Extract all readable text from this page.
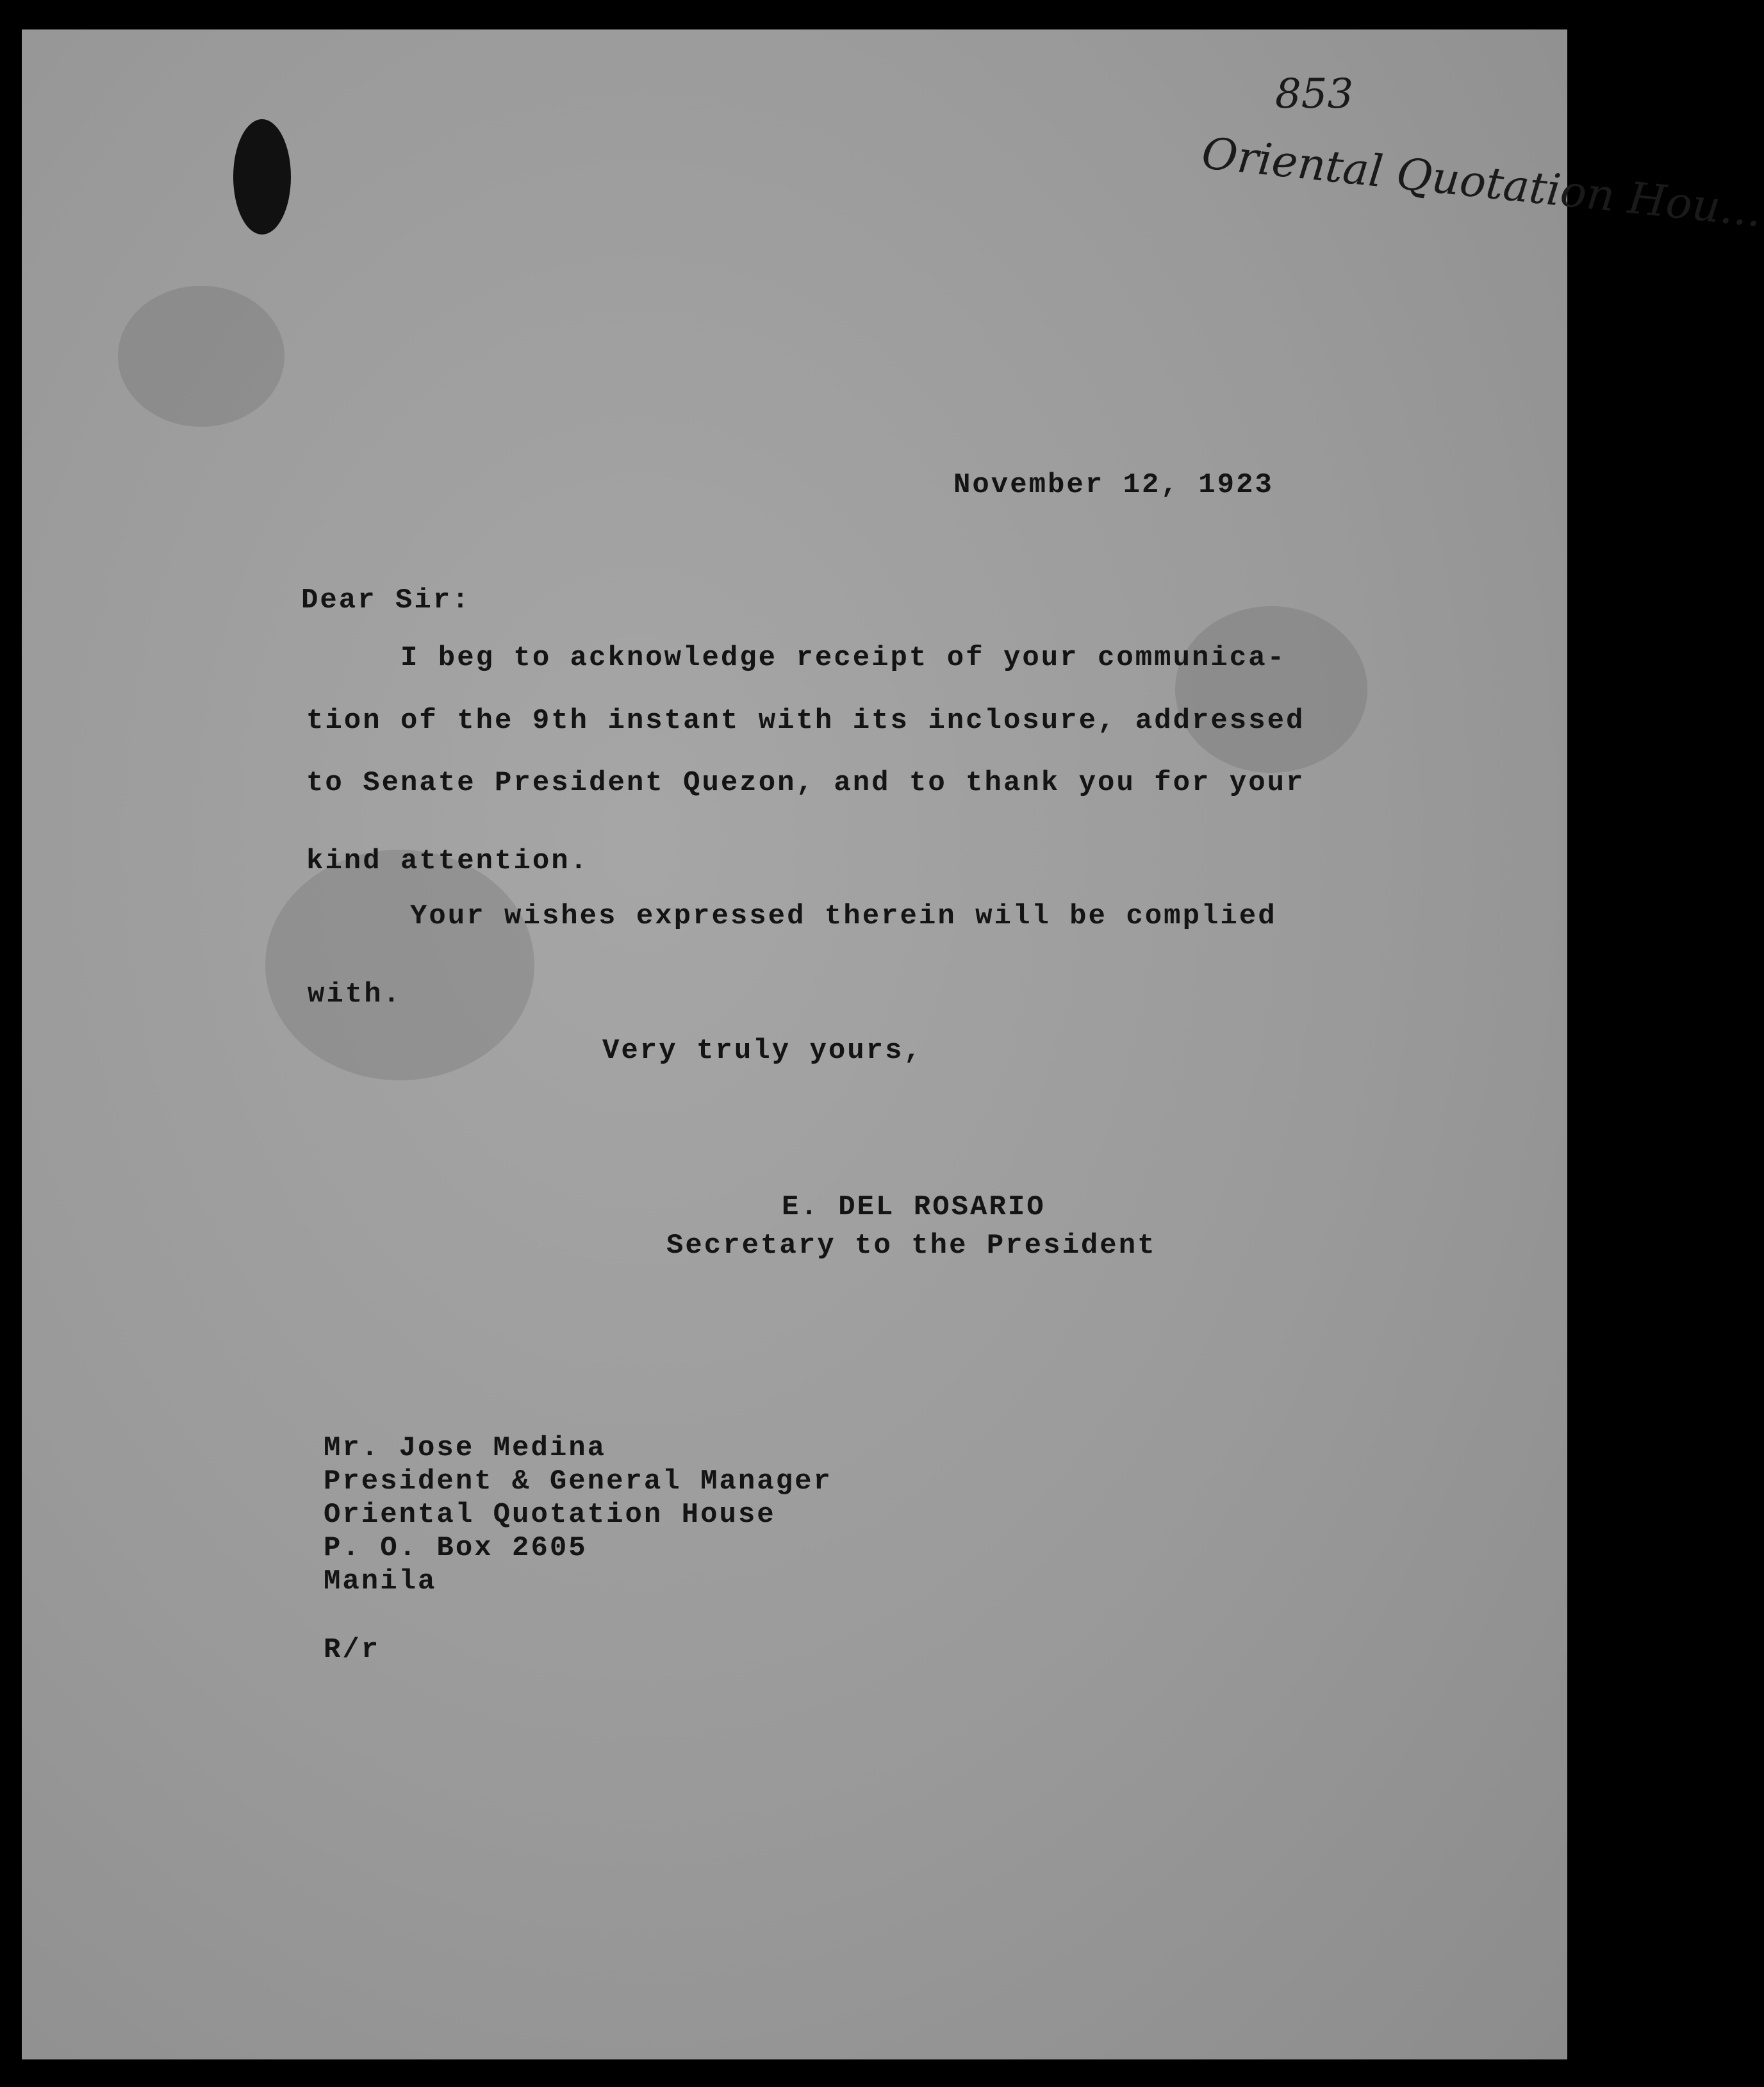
853
Oriental Quotation Hou...
November 12, 1923
Dear Sir:
I beg to acknowledge receipt of your communica-
tion of the 9th instant with its inclosure, addressed
to Senate President Quezon, and to thank you for your
kind attention.
Your wishes expressed therein will be complied
with.
Very truly yours,
E. DEL ROSARIO
Secretary to the President
Mr. Jose Medina
President & General Manager
Oriental Quotation House
P. O. Box 2605
Manila
R/r
